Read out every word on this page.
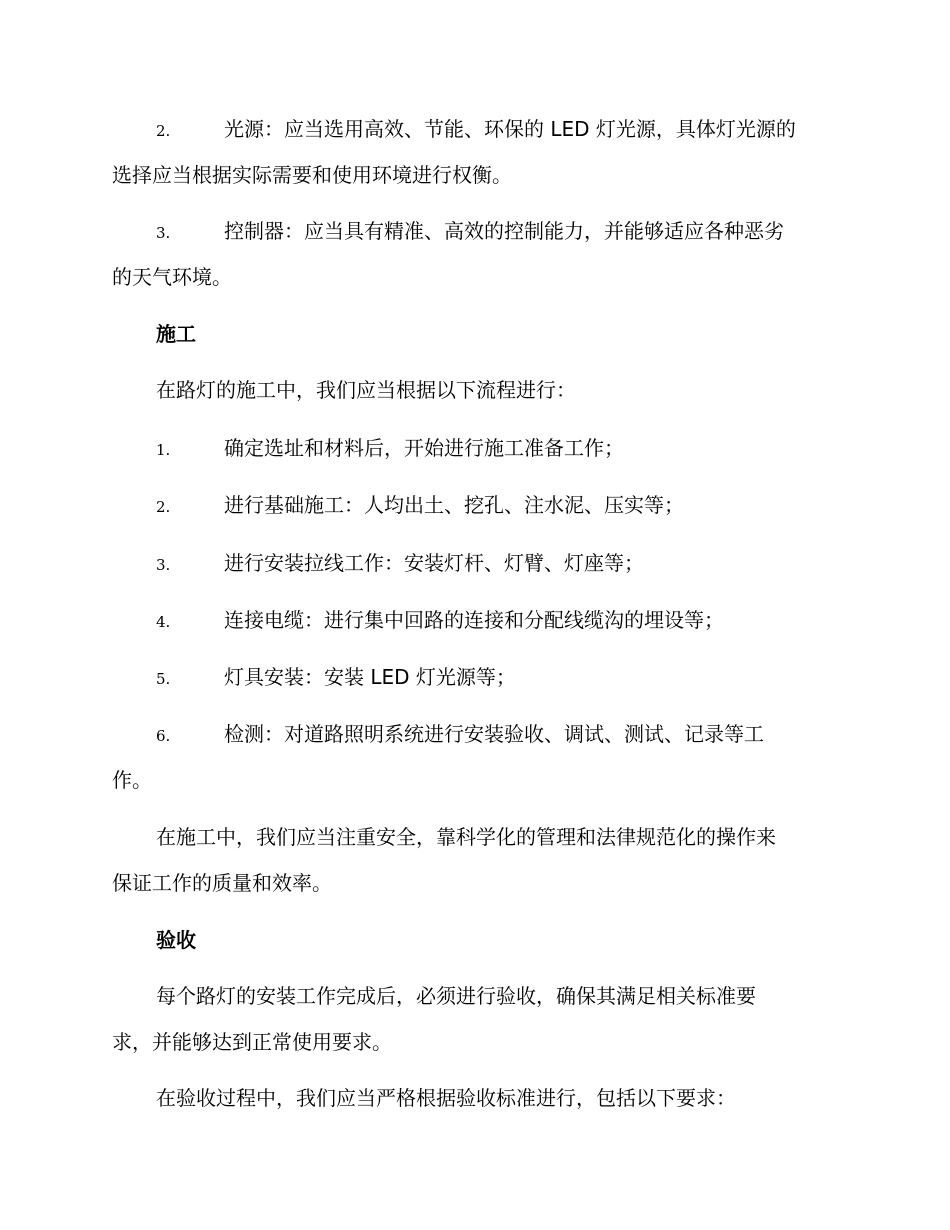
2.	光源：应当选用高效、节能、环保的 LED 灯光源，具体灯光源的
选择应当根据实际需要和使用环境进行权衡。
3.	控制器：应当具有精准、高效的控制能力，并能够适应各种恶劣
的天气环境。
施工
在路灯的施工中，我们应当根据以下流程进行：
1.	确定选址和材料后，开始进行施工准备工作；
2.	进行基础施工：人均出土、挖孔、注水泥、压实等；
3.	进行安装拉线工作：安装灯杆、灯臂、灯座等；
4.	连接电缆：进行集中回路的连接和分配线缆沟的埋设等；
5.	灯具安装：安装 LED 灯光源等；
6.	检测：对道路照明系统进行安装验收、调试、测试、记录等工
作。
在施工中，我们应当注重安全，靠科学化的管理和法律规范化的操作来
保证工作的质量和效率。
验收
每个路灯的安装工作完成后，必须进行验收，确保其满足相关标准要
求，并能够达到正常使用要求。
在验收过程中，我们应当严格根据验收标准进行，包括以下要求：
